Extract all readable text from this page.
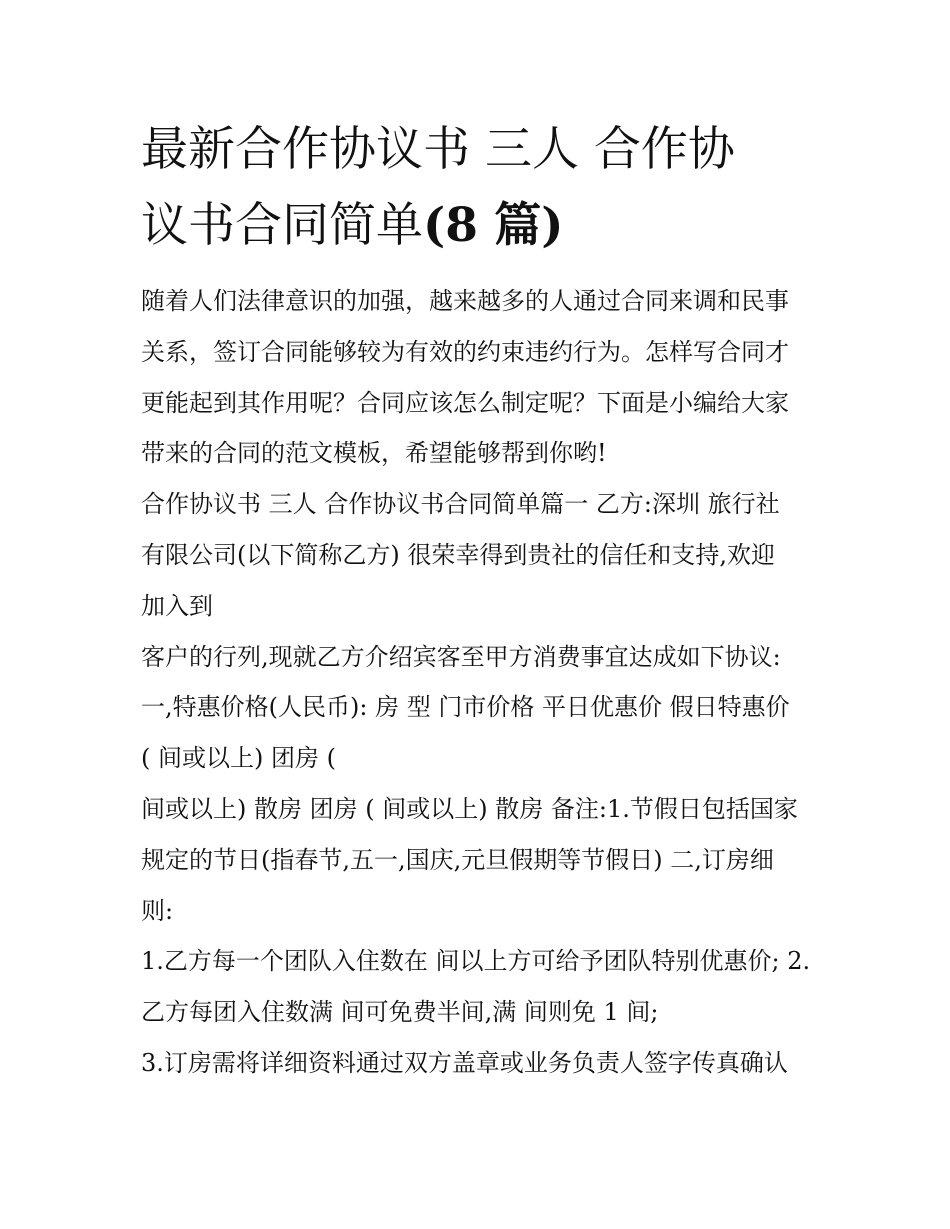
最新合作协议书 三人 合作协
议书合同简单(8 篇)

随着人们法律意识的加强，越来越多的人通过合同来调和民事

关系，签订合同能够较为有效的约束违约行为。怎样写合同才

更能起到其作用呢？合同应该怎么制定呢？下面是小编给大家

带来的合同的范文模板，希望能够帮到你哟!

合作协议书 三人 合作协议书合同简单篇一 乙方:深圳 旅行社

有限公司(以下简称乙方) 很荣幸得到贵社的信任和支持,欢迎

加入到

客户的行列,现就乙方介绍宾客至甲方消费事宜达成如下协议:

一,特惠价格(人民币): 房 型 门市价格 平日优惠价 假日特惠价

( 间或以上) 团房 (

间或以上) 散房 团房 ( 间或以上) 散房 备注:1.节假日包括国家

规定的节日(指春节,五一,国庆,元旦假期等节假日) 二,订房细

则:

1.乙方每一个团队入住数在 间以上方可给予团队特别优惠价; 2.

乙方每团入住数满 间可免费半间,满 间则免 1 间;

3.订房需将详细资料通过双方盖章或业务负责人签字传真确认
